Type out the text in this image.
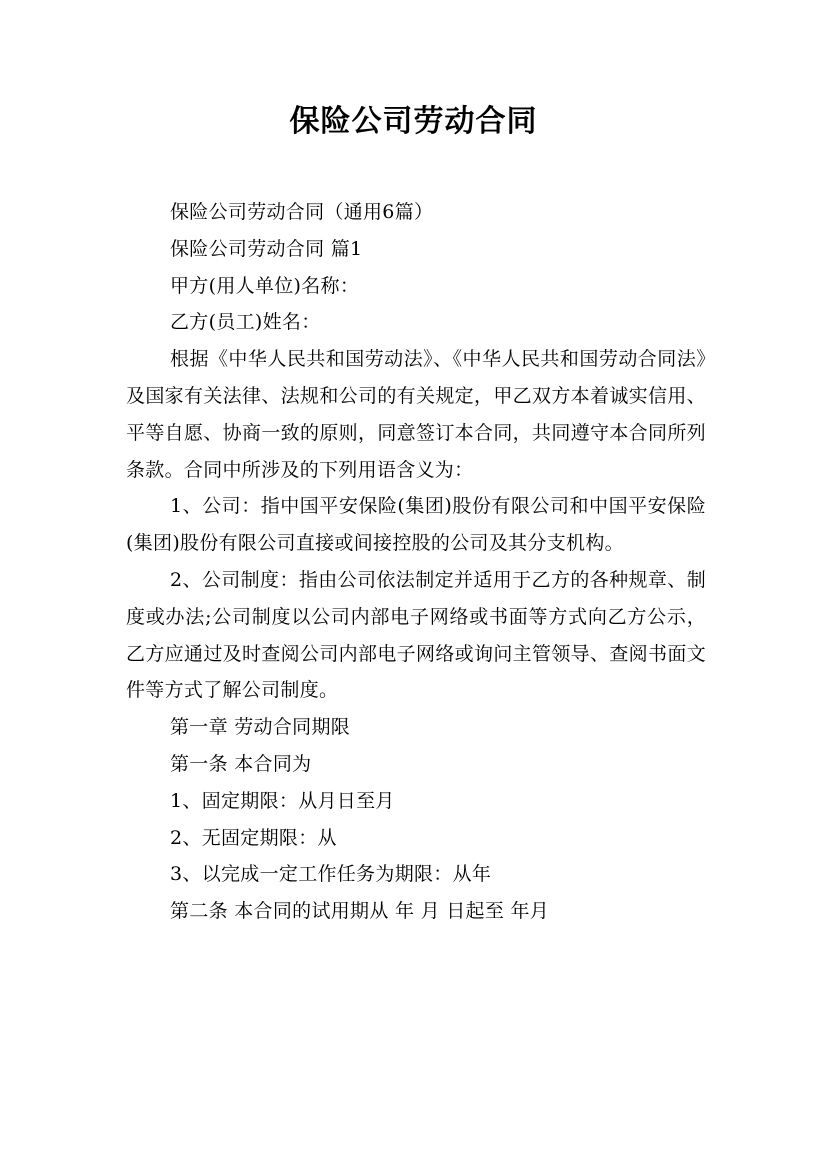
保险公司劳动合同

保险公司劳动合同（通用6篇）

保险公司劳动合同 篇1

甲方(用人单位)名称：

乙方(员工)姓名：

根据《中华人民共和国劳动法》、《中华人民共和国劳动合同法》及国家有关法律、法规和公司的有关规定，甲乙双方本着诚实信用、平等自愿、协商一致的原则，同意签订本合同，共同遵守本合同所列条款。合同中所涉及的下列用语含义为：

1、公司：指中国平安保险(集团)股份有限公司和中国平安保险(集团)股份有限公司直接或间接控股的公司及其分支机构。

2、公司制度：指由公司依法制定并适用于乙方的各种规章、制度或办法;公司制度以公司内部电子网络或书面等方式向乙方公示，乙方应通过及时查阅公司内部电子网络或询问主管领导、查阅书面文件等方式了解公司制度。

第一章 劳动合同期限

第一条 本合同为

1、固定期限：从月日至月

2、无固定期限：从

3、以完成一定工作任务为期限：从年

第二条 本合同的试用期从 年 月 日起至 年月
